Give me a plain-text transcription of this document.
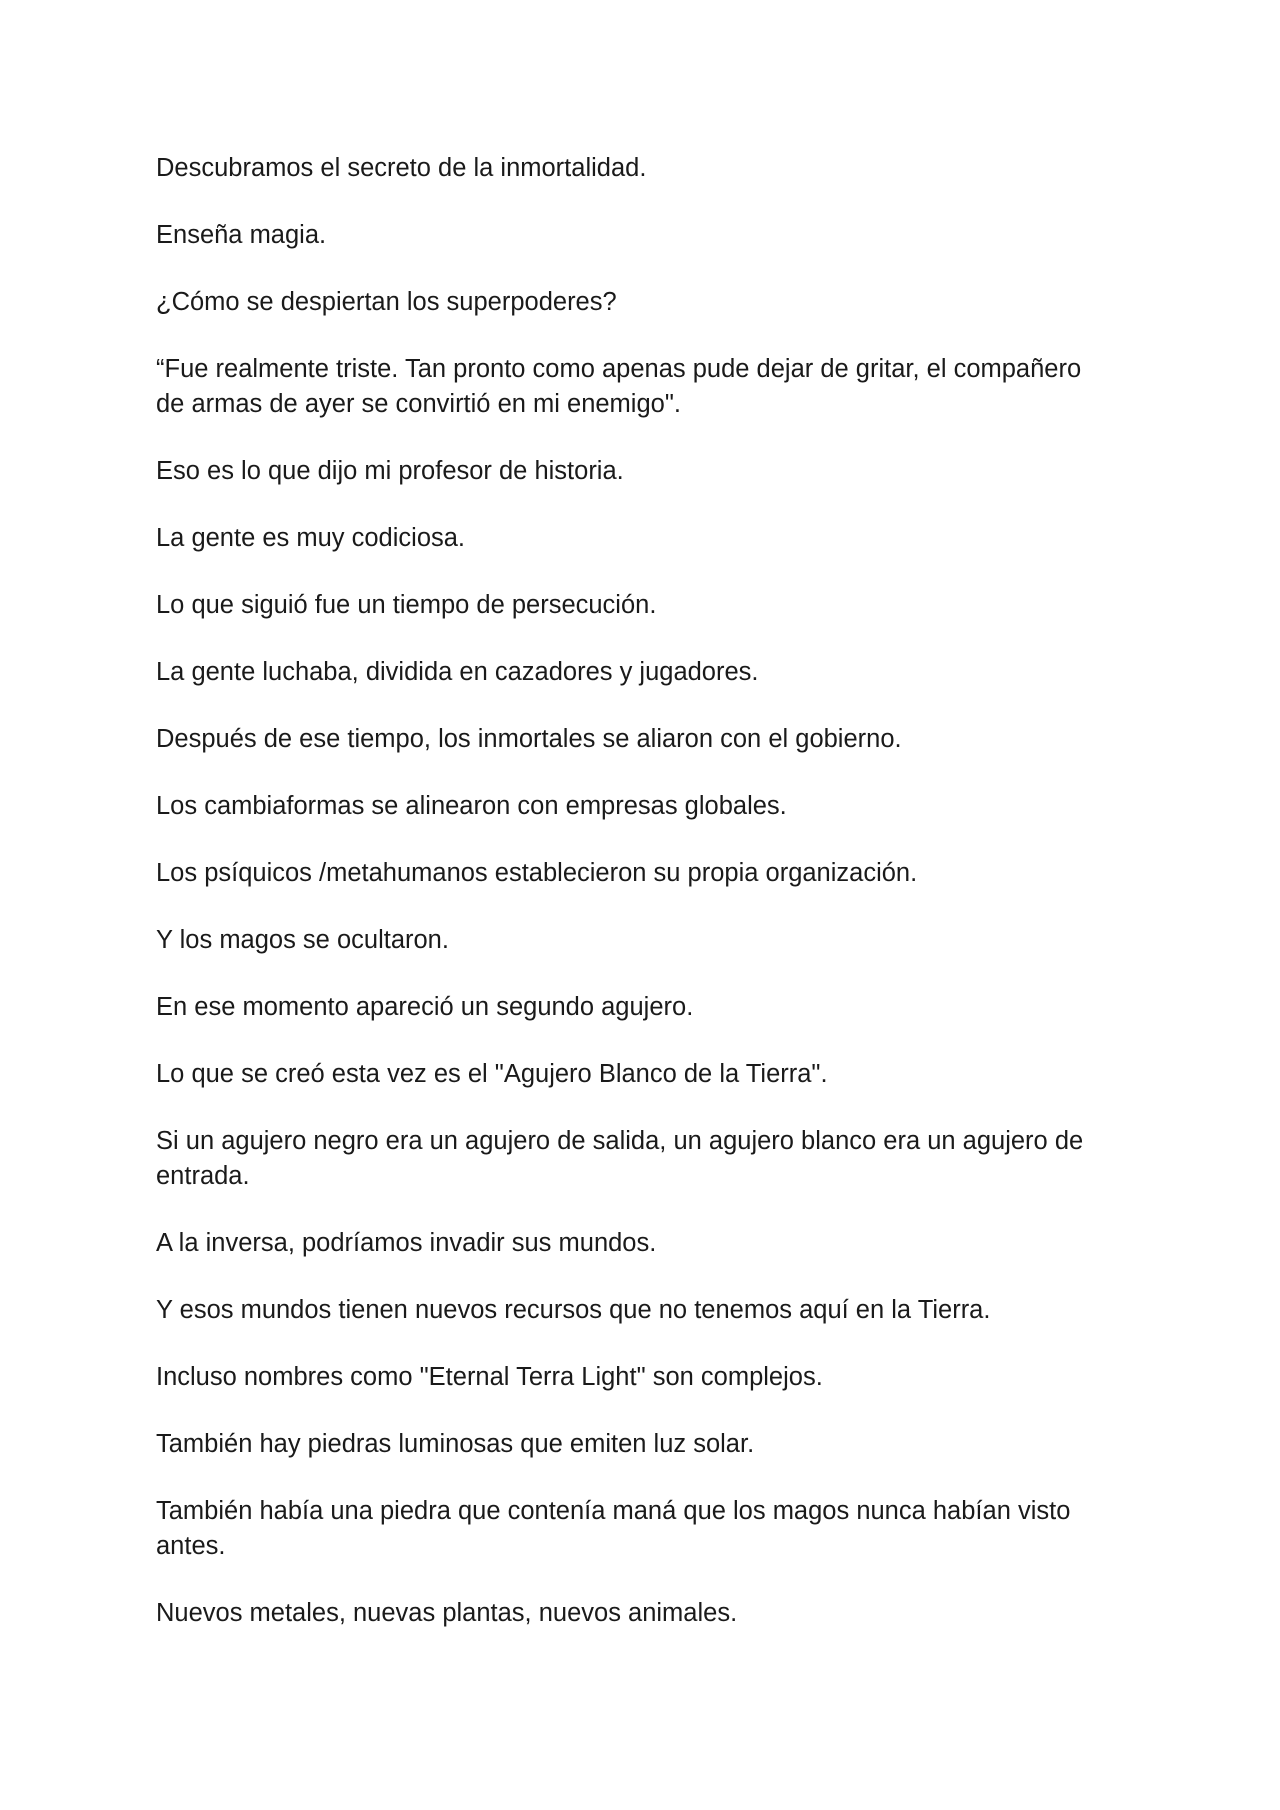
Descubramos el secreto de la inmortalidad.

Enseña magia.

¿Cómo se despiertan los superpoderes?

“Fue realmente triste. Tan pronto como apenas pude dejar de gritar, el compañero de armas de ayer se convirtió en mi enemigo".

Eso es lo que dijo mi profesor de historia.

La gente es muy codiciosa.

Lo que siguió fue un tiempo de persecución.

La gente luchaba, dividida en cazadores y jugadores.

Después de ese tiempo, los inmortales se aliaron con el gobierno.

Los cambiaformas se alinearon con empresas globales.

Los psíquicos /metahumanos establecieron su propia organización.

Y los magos se ocultaron.

En ese momento apareció un segundo agujero.

Lo que se creó esta vez es el "Agujero Blanco de la Tierra".

Si un agujero negro era un agujero de salida, un agujero blanco era un agujero de entrada.

A la inversa, podríamos invadir sus mundos.

Y esos mundos tienen nuevos recursos que no tenemos aquí en la Tierra.

Incluso nombres como "Eternal Terra Light" son complejos.

También hay piedras luminosas que emiten luz solar.

También había una piedra que contenía maná que los magos nunca habían visto antes.

Nuevos metales, nuevas plantas, nuevos animales.
